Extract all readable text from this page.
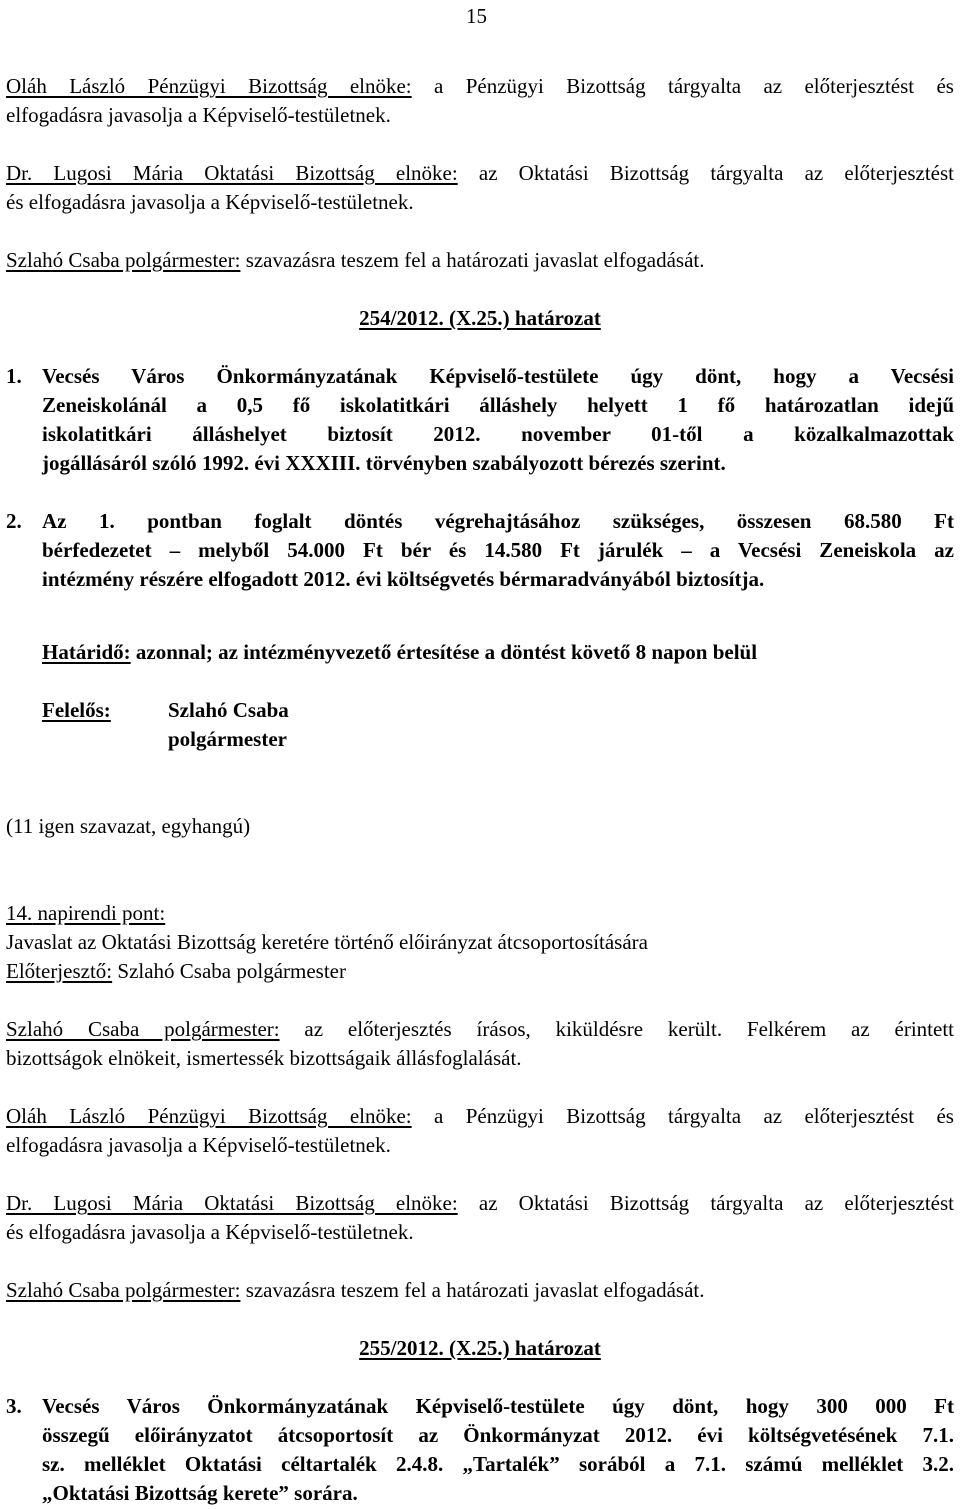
15
Oláh László Pénzügyi Bizottság elnöke: a Pénzügyi Bizottság tárgyalta az előterjesztést és
elfogadásra javasolja a Képviselő-testületnek.
Dr. Lugosi Mária Oktatási Bizottság elnöke: az Oktatási Bizottság tárgyalta az előterjesztést
és elfogadásra javasolja a Képviselő-testületnek.
Szlahó Csaba polgármester: szavazásra teszem fel a határozati javaslat elfogadását.
254/2012. (X.25.) határozat
1. Vecsés Város Önkormányzatának Képviselő-testülete úgy dönt, hogy a Vecsési
Zeneiskolánál a 0,5 fő iskolatitkári álláshely helyett 1 fő határozatlan idejű
iskolatitkári álláshelyet biztosít 2012. november 01-től a közalkalmazottak
jogállásáról szóló 1992. évi XXXIII. törvényben szabályozott bérezés szerint.
2. Az 1. pontban foglalt döntés végrehajtásához szükséges, összesen 68.580 Ft
bérfedezetet – melyből 54.000 Ft bér és 14.580 Ft járulék – a Vecsési Zeneiskola az
intézmény részére elfogadott 2012. évi költségvetés bérmaradványából biztosítja.
Határidő: azonnal; az intézményvezető értesítése a döntést követő 8 napon belül
Felelős:	Szlahó Csaba
polgármester
(11 igen szavazat, egyhangú)
14. napirendi pont:
Javaslat az Oktatási Bizottság keretére történő előirányzat átcsoportosítására
Előterjesztő: Szlahó Csaba polgármester
Szlahó Csaba polgármester: az előterjesztés írásos, kiküldésre került. Felkérem az érintett
bizottságok elnökeit, ismertessék bizottságaik állásfoglalását.
Oláh László Pénzügyi Bizottság elnöke: a Pénzügyi Bizottság tárgyalta az előterjesztést és
elfogadásra javasolja a Képviselő-testületnek.
Dr. Lugosi Mária Oktatási Bizottság elnöke: az Oktatási Bizottság tárgyalta az előterjesztést
és elfogadásra javasolja a Képviselő-testületnek.
Szlahó Csaba polgármester: szavazásra teszem fel a határozati javaslat elfogadását.
255/2012. (X.25.) határozat
3. Vecsés Város Önkormányzatának Képviselő-testülete úgy dönt, hogy 300 000 Ft
összegű előirányzatot átcsoportosít az Önkormányzat 2012. évi költségvetésének 7.1.
sz. melléklet Oktatási céltartalék 2.4.8. „Tartalék” sorából a 7.1. számú melléklet 3.2.
„Oktatási Bizottság kerete” sorára.
